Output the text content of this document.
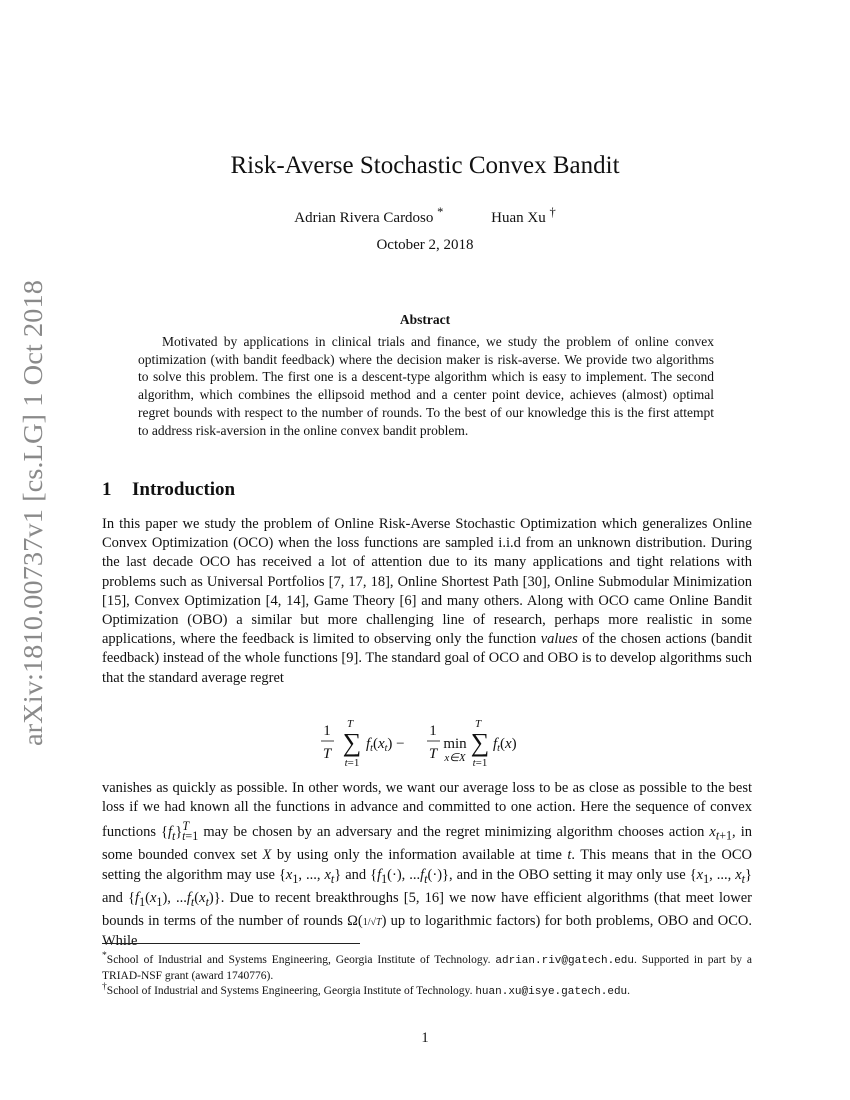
arXiv:1810.00737v1 [cs.LG] 1 Oct 2018
Risk-Averse Stochastic Convex Bandit
Adrian Rivera Cardoso *	Huan Xu †
October 2, 2018
Abstract

Motivated by applications in clinical trials and finance, we study the problem of online convex optimization (with bandit feedback) where the decision maker is risk-averse. We provide two algorithms to solve this problem. The first one is a descent-type algorithm which is easy to implement. The second algorithm, which combines the ellipsoid method and a center point device, achieves (almost) optimal regret bounds with respect to the number of rounds. To the best of our knowledge this is the first attempt to address risk-aversion in the online convex bandit problem.

1 Introduction

In this paper we study the problem of Online Risk-Averse Stochastic Optimization which generalizes Online Convex Optimization (OCO) when the loss functions are sampled i.i.d from an unknown distribution. During the last decade OCO has received a lot of attention due to its many applications and tight relations with problems such as Universal Portfolios [7, 17, 18], Online Shortest Path [30], Online Submodular Minimization [15], Convex Optimization [4, 14], Game Theory [6] and many others. Along with OCO came Online Bandit Optimization (OBO) a similar but more challenging line of research, perhaps more realistic in some applications, where the feedback is limited to observing only the function values of the chosen actions (bandit feedback) instead of the whole functions [9]. The standard goal of OCO and OBO is to develop algorithms such that the standard average regret

1
T
T
∑
t=1
$f_t(x_t)$ −
1
T
min
x∈X
T
∑
t=1
$f_t(x)$

vanishes as quickly as possible. In other words, we want our average loss to be as close as possible to the best loss if we had known all the functions in advance and committed to one action. Here the sequence of convex functions $\{f_t\}^T_{t=1}$ may be chosen by an adversary and the regret minimizing algorithm chooses action $x_{t+1}$, in some bounded convex set X by using only the information available at time t. This means that in the OCO setting the algorithm may use {$x_1$, ..., $x_t$} and {$f_1(\cdot)$, $...f_t(\cdot)$}, and in the OBO setting it may only use {$x_1$, ..., $x_t$} and {$f_1(x_1)$, $...f_t(x_t)$}. Due to recent breakthroughs [5, 16] we now have efficient algorithms (that meet lower bounds in terms of the number of rounds Ω(1/√T) up to logarithmic factors) for both problems, OBO and OCO. While

*School of Industrial and Systems Engineering, Georgia Institute of Technology. adrian.riv@gatech.edu. Supported in part by a TRIAD-NSF grant (award 1740776).

†School of Industrial and Systems Engineering, Georgia Institute of Technology. huan.xu@isye.gatech.edu.

1
